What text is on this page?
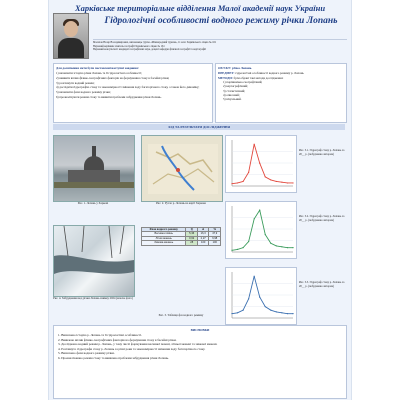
Харківське територіальне відділення Малої академії наук України
Гідрологічні особливості водного режиму річки Лопань
Малахов Назар Володимирович, вихованець гуртка «Міжнародний туризм», 11 клас Харківського ліцею № 161
Науковий керівник: вчитель географії Харківського ліцею № 161
Науковий консультант: кандидат географічних наук, доцент кафедри фізичної географії та картографії
Для досягнення мети були поставлені наступні завдання:
1) визначити історію річки Лопань та її гідрологічні особливості;
2) виявити вплив фізико-географічних факторів на формування стоку в басейні річки;
3) розглянути водний режим;
4) дослідити ґідрографію стоку та закономірності змінення ходу багаторічного стоку, а також його динаміку;
5) визначити фази водного режиму річки;
6) проаналізувати режим стоку та виявити проблеми забруднення річки Лопань.
ОБ'ЄКТ: річка Лопань
ПРЕДМЕТ: гідрологічні особливості водного режиму р. Лопань
МЕТОДИ: були обрані такі методи дослідження:
1) порівняльно-географічний;
2) картографічний;
3) статистичний;
4) описовий;
5) візуальний.
ХІД ТА РЕЗУЛЬТАТИ ДОСЛІДЖЕННЯ
Рис. 1. Лопань у Харкові	Рис. 2. Русло р. Лопань на карті Харкова
Рис. 4. Забруднення вод річки Лопань взимку 2024 (власне фото)
Фаза водного режиму	Q	Δ	%
Весняна повінь	5,36	16,3	47,9
Літня межень	0,62	2,27	6,98
Зимова межень	28	100	100
Рис. 3. Таблиця фаз водного режиму
Рис. 5.1. Гідрограф стоку р. Лопань за 20__ р. (побудовано автором)
Рис. 5.2. Гідрограф стоку р. Лопань за 20__ р. (побудовано автором)
Рис. 5.3. Гідрограф стоку р. Лопань за 20__ р. (побудовано автором)
ВИСНОВКИ
1. Визначено історію р. Лопань та її гідрологічні особливості.
2. Виявлено вплив фізико-географічних факторів на формування стоку в басейні річки.
3. Досліджено водний режим р. Лопань, у тому числі формування весняної повені, літньої межені та зимової межені.
4. Розглянуто гідрографи стоку р. Лопань за різні роки та закономірності змінення ходу багаторічного стоку.
5. Визначено фази водного режиму річки.
6. Проаналізовано режим стоку та виявлено проблеми забруднення річки Лопань.
